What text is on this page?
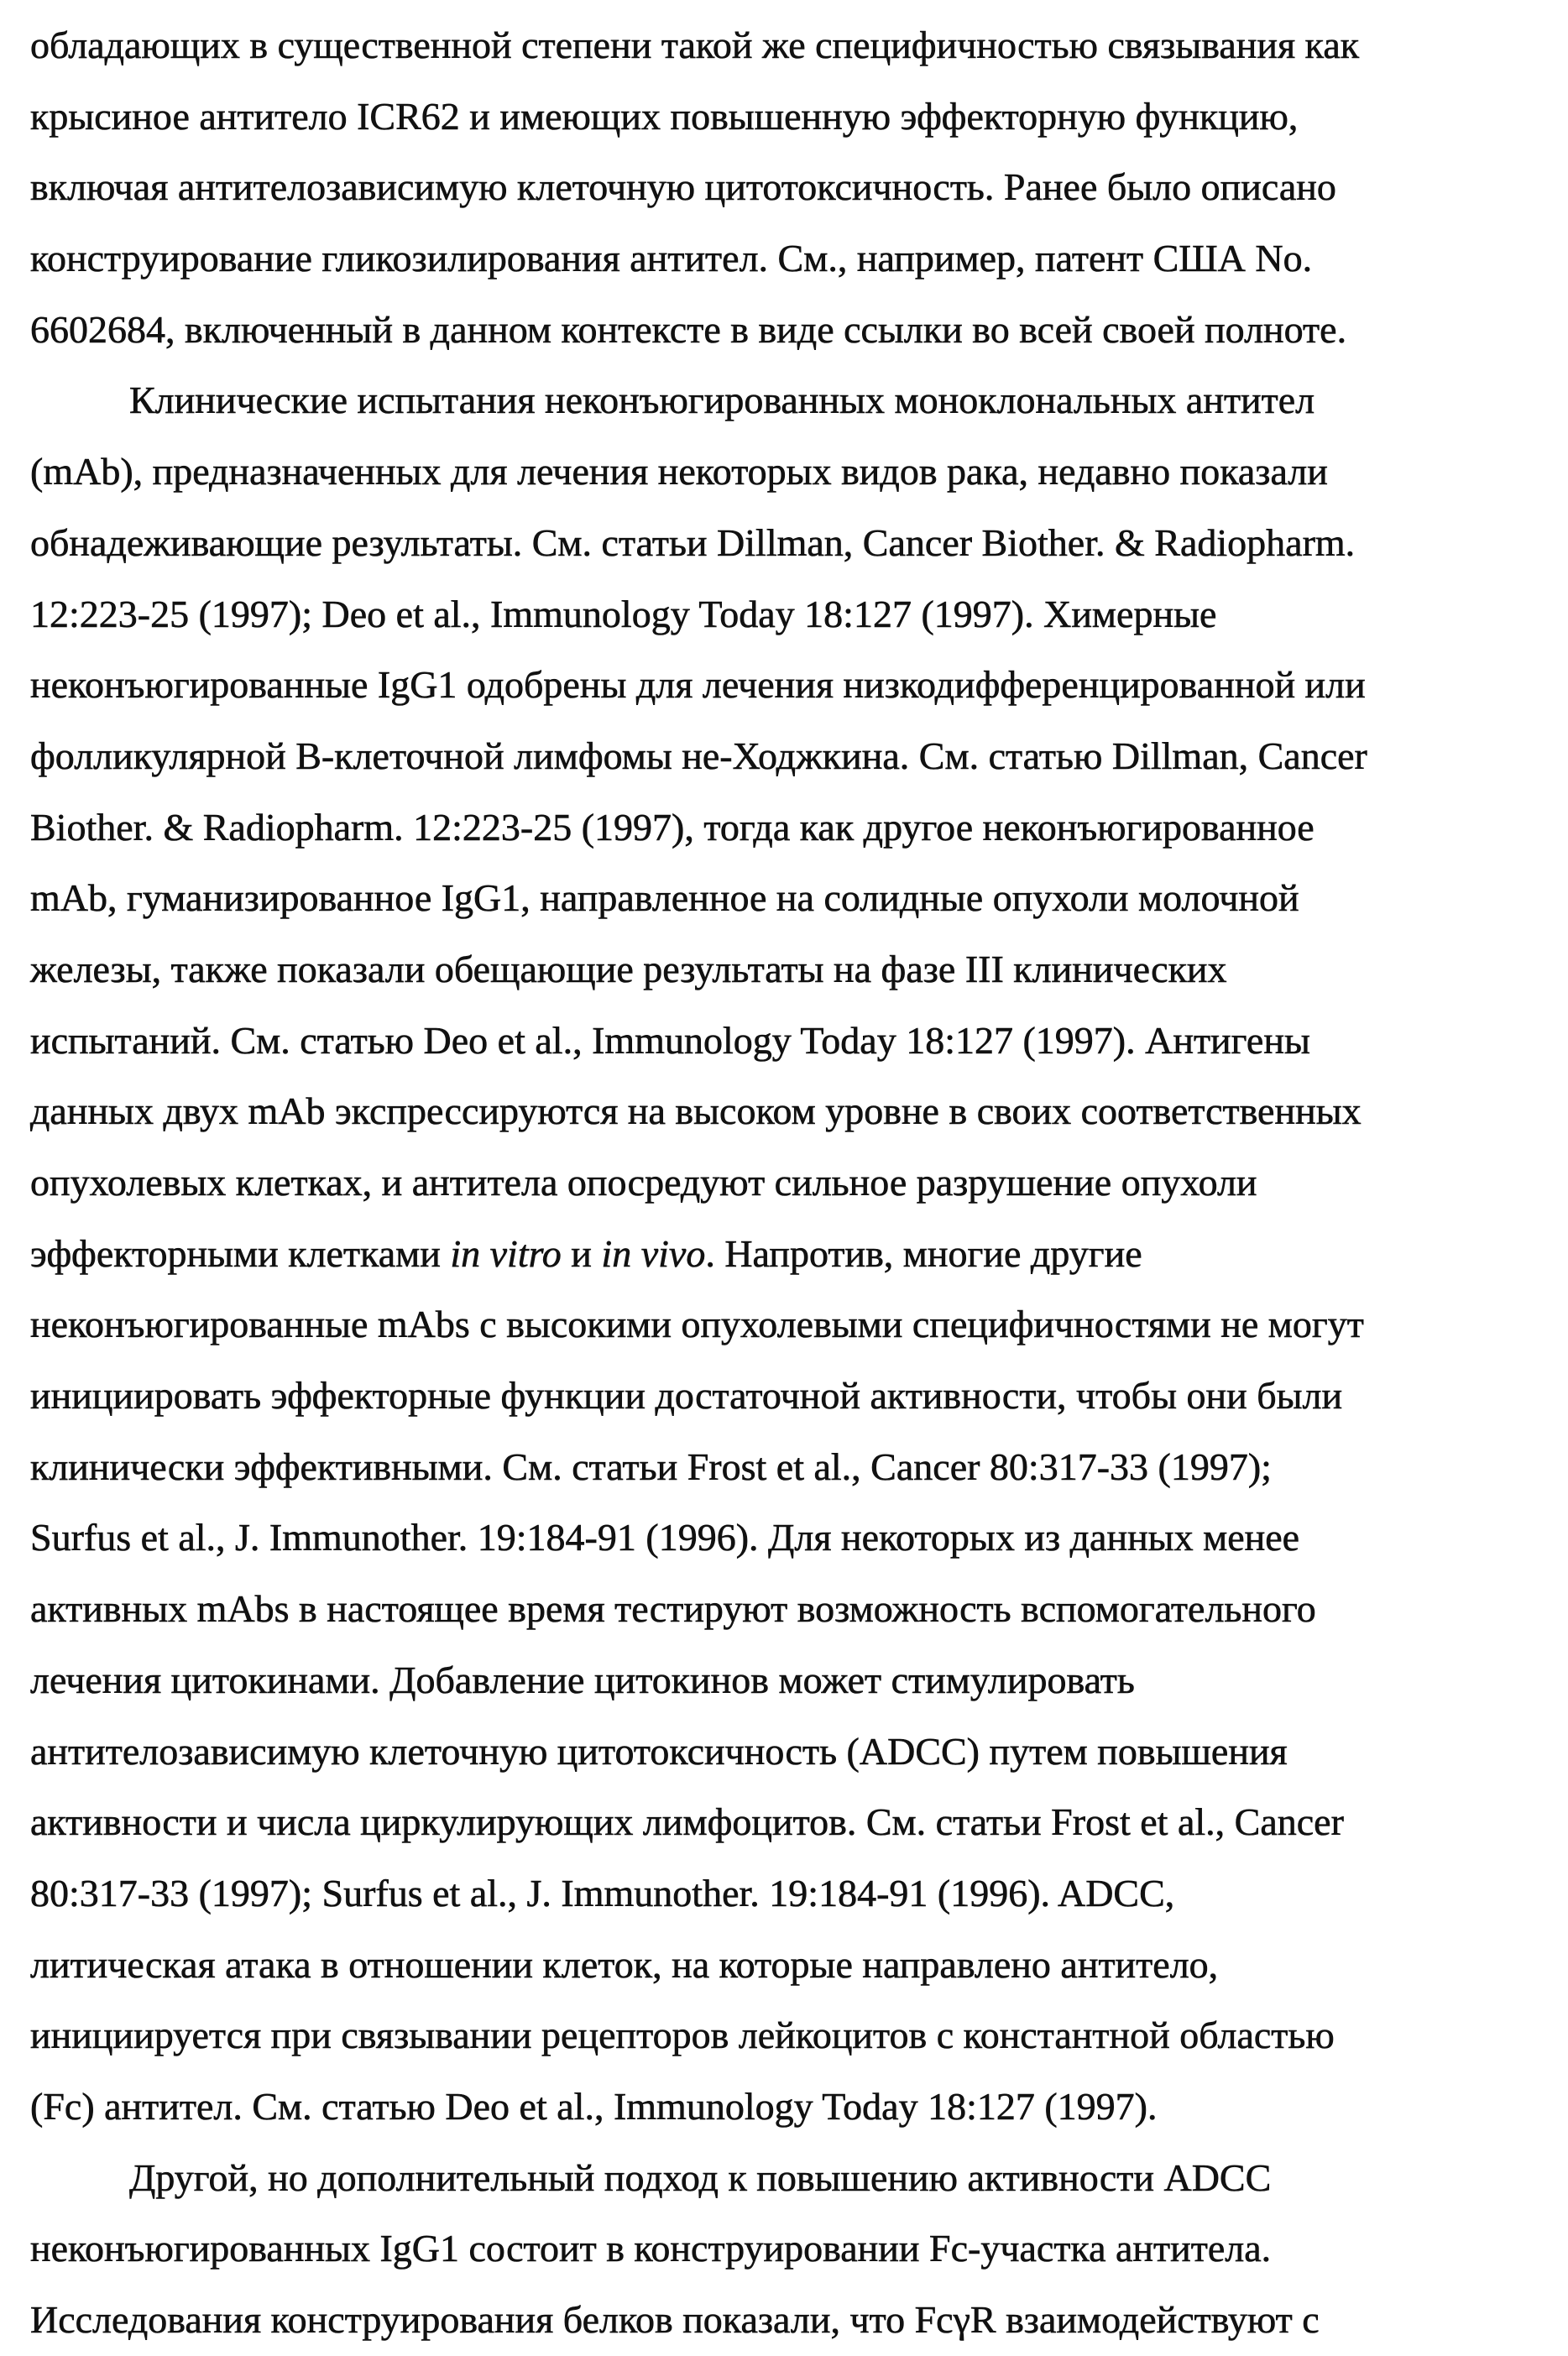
обладающих в существенной степени такой же специфичностью связывания как
крысиное антитело ICR62 и имеющих повышенную эффекторную функцию,
включая антителозависимую клеточную цитотоксичность. Ранее было описано
конструирование гликозилирования антител. См., например, патент США No.
6602684, включенный в данном контексте в виде ссылки во всей своей полноте.
Клинические испытания неконъюгированных моноклональных антител
(mAb), предназначенных для лечения некоторых видов рака, недавно показали
обнадеживающие результаты. См. статьи Dillman, Cancer Biother. & Radiopharm.
12:223-25 (1997); Deo et al., Immunology Today 18:127 (1997). Химерные
неконъюгированные IgG1 одобрены для лечения низкодифференцированной или
фолликулярной В-клеточной лимфомы не-Ходжкина. См. статью Dillman, Cancer
Biother. & Radiopharm. 12:223-25 (1997), тогда как другое неконъюгированное
mAb, гуманизированное IgG1, направленное на солидные опухоли молочной
железы, также показали обещающие результаты на фазе III клинических
испытаний. См. статью Deo et al., Immunology Today 18:127 (1997). Антигены
данных двух mAb экспрессируются на высоком уровне в своих соответственных
опухолевых клетках, и антитела опосредуют сильное разрушение опухоли
эффекторными клетками in vitro и in vivo. Напротив, многие другие
неконъюгированные mAbs с высокими опухолевыми специфичностями не могут
инициировать эффекторные функции достаточной активности, чтобы они были
клинически эффективными. См. статьи Frost et al., Cancer 80:317-33 (1997);
Surfus et al., J. Immunother. 19:184-91 (1996). Для некоторых из данных менее
активных mAbs в настоящее время тестируют возможность вспомогательного
лечения цитокинами. Добавление цитокинов может стимулировать
антителозависимую клеточную цитотоксичность (ADCC) путем повышения
активности и числа циркулирующих лимфоцитов. См. статьи Frost et al., Cancer
80:317-33 (1997); Surfus et al., J. Immunother. 19:184-91 (1996). ADCC,
литическая атака в отношении клеток, на которые направлено антитело,
инициируется при связывании рецепторов лейкоцитов с константной областью
(Fc) антител. См. статью Deo et al., Immunology Today 18:127 (1997).
Другой, но дополнительный подход к повышению активности ADCC
неконъюгированных IgG1 состоит в конструировании Fc-участка антитела.
Исследования конструирования белков показали, что FcγR взаимодействуют с
